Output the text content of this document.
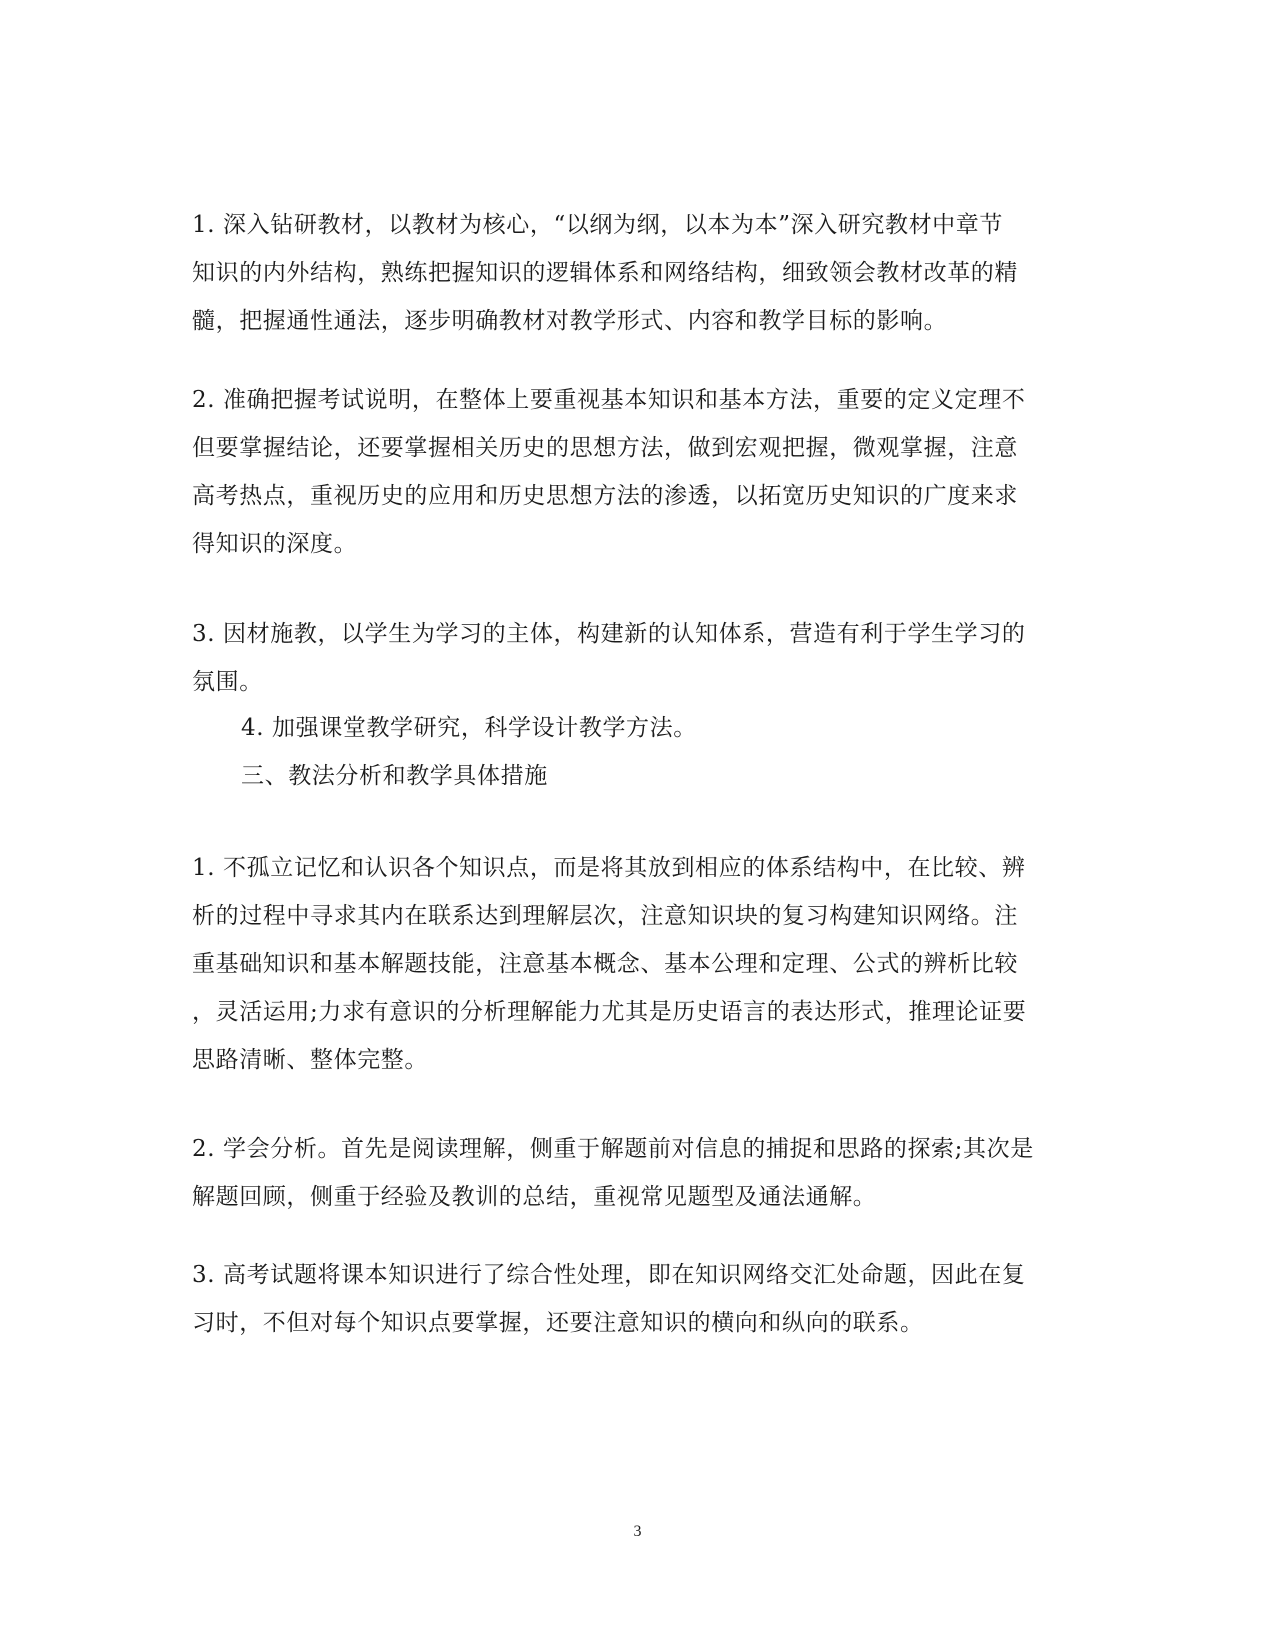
1. 深入钻研教材，以教材为核心，“以纲为纲，以本为本”深入研究教材中章节
知识的内外结构，熟练把握知识的逻辑体系和网络结构，细致领会教材改革的精
髓，把握通性通法，逐步明确教材对教学形式、内容和教学目标的影响。
2. 准确把握考试说明，在整体上要重视基本知识和基本方法，重要的定义定理不
但要掌握结论，还要掌握相关历史的思想方法，做到宏观把握，微观掌握，注意
高考热点，重视历史的应用和历史思想方法的渗透，以拓宽历史知识的广度来求
得知识的深度。
3. 因材施教，以学生为学习的主体，构建新的认知体系，营造有利于学生学习的
氛围。
4. 加强课堂教学研究，科学设计教学方法。
三、教法分析和教学具体措施
1. 不孤立记忆和认识各个知识点，而是将其放到相应的体系结构中，在比较、辨
析的过程中寻求其内在联系达到理解层次，注意知识块的复习构建知识网络。注
重基础知识和基本解题技能，注意基本概念、基本公理和定理、公式的辨析比较
，灵活运用;力求有意识的分析理解能力尤其是历史语言的表达形式，推理论证要
思路清晰、整体完整。
2. 学会分析。首先是阅读理解，侧重于解题前对信息的捕捉和思路的探索;其次是
解题回顾，侧重于经验及教训的总结，重视常见题型及通法通解。
3. 高考试题将课本知识进行了综合性处理，即在知识网络交汇处命题，因此在复
习时，不但对每个知识点要掌握，还要注意知识的横向和纵向的联系。
3
